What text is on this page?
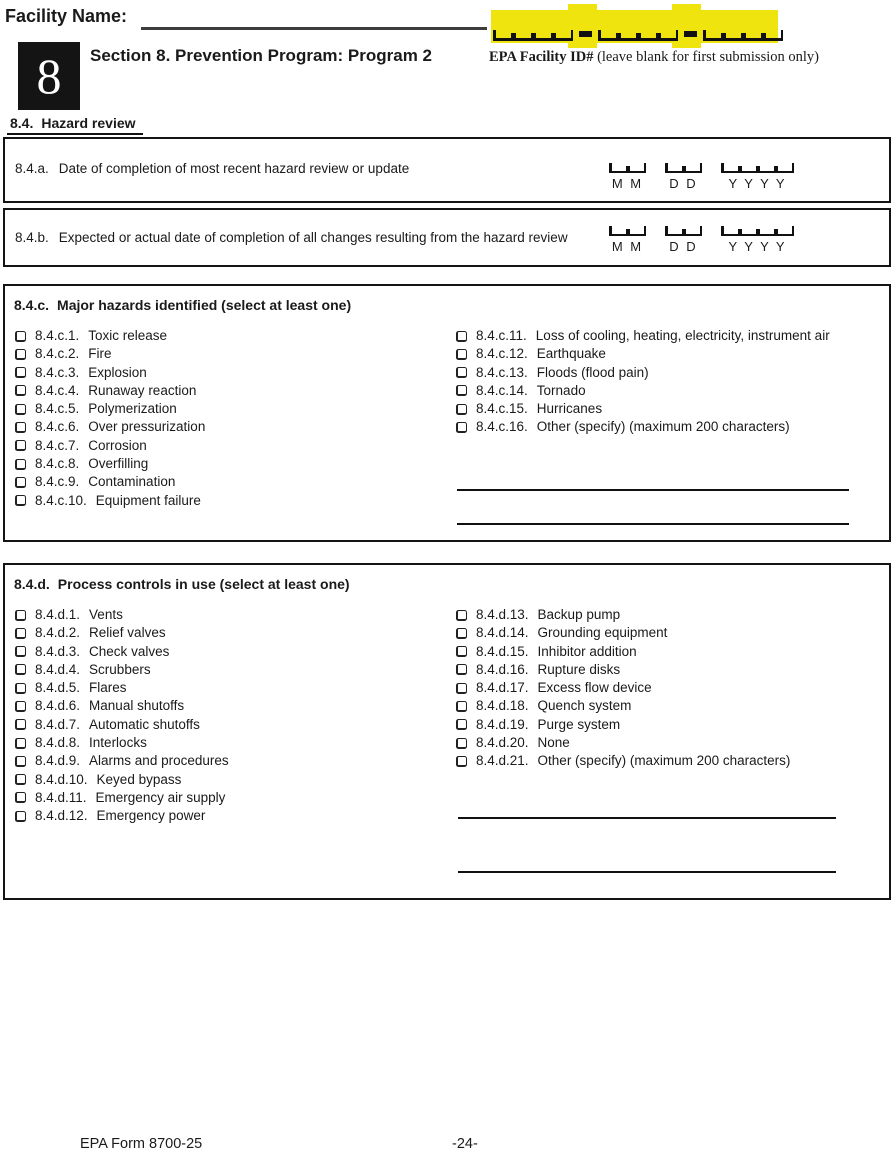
Facility Name:
EPA Facility ID# (leave blank for first submission only)
8 Section 8. Prevention Program: Program 2
8.4. Hazard review
8.4.a. Date of completion of most recent hazard review or update
M M D D Y Y Y Y
8.4.b. Expected or actual date of completion of all changes resulting from the hazard review
M M D D Y Y Y Y
8.4.c. Major hazards identified (select at least one)
8.4.c.1. Toxic release
8.4.c.2. Fire
8.4.c.3. Explosion
8.4.c.4. Runaway reaction
8.4.c.5. Polymerization
8.4.c.6. Over pressurization
8.4.c.7. Corrosion
8.4.c.8. Overfilling
8.4.c.9. Contamination
8.4.c.10. Equipment failure
8.4.c.11. Loss of cooling, heating, electricity, instrument air
8.4.c.12. Earthquake
8.4.c.13. Floods (flood pain)
8.4.c.14. Tornado
8.4.c.15. Hurricanes
8.4.c.16. Other (specify) (maximum 200 characters)
8.4.d. Process controls in use (select at least one)
8.4.d.1. Vents
8.4.d.2. Relief valves
8.4.d.3. Check valves
8.4.d.4. Scrubbers
8.4.d.5. Flares
8.4.d.6. Manual shutoffs
8.4.d.7. Automatic shutoffs
8.4.d.8. Interlocks
8.4.d.9. Alarms and procedures
8.4.d.10. Keyed bypass
8.4.d.11. Emergency air supply
8.4.d.12. Emergency power
8.4.d.13. Backup pump
8.4.d.14. Grounding equipment
8.4.d.15. Inhibitor addition
8.4.d.16. Rupture disks
8.4.d.17. Excess flow device
8.4.d.18. Quench system
8.4.d.19. Purge system
8.4.d.20. None
8.4.d.21. Other (specify) (maximum 200 characters)
EPA Form 8700-25	-24-
